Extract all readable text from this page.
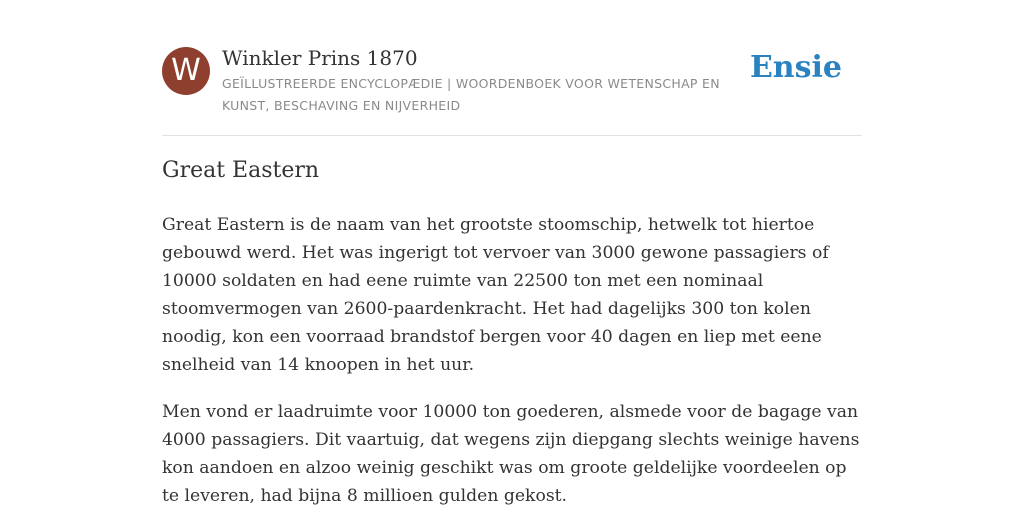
W	Winkler Prins 1870
GEÏLLUSTREERDE ENCYCLOPÆDIE | WOORDENBOEK VOOR WETENSCHAP EN KUNST, BESCHAVING EN NIJVERHEID
Ensie
Great Eastern

Great Eastern is de naam van het grootste stoomschip, hetwelk tot hiertoe gebouwd werd. Het was ingerigt tot vervoer van 3000 gewone passagiers of 10000 soldaten en had eene ruimte van 22500 ton met een nominaal stoomvermogen van 2600-paardenkracht. Het had dagelijks 300 ton kolen noodig, kon een voorraad brandstof bergen voor 40 dagen en liep met eene snelheid van 14 knoopen in het uur.

Men vond er laadruimte voor 10000 ton goederen, alsmede voor de bagage van 4000 passagiers. Dit vaartuig, dat wegens zijn diepgang slechts weinige havens kon aandoen en alzoo weinig geschikt was om groote geldelijke voordeelen op te leveren, had bijna 8 millioen gulden gekost.
